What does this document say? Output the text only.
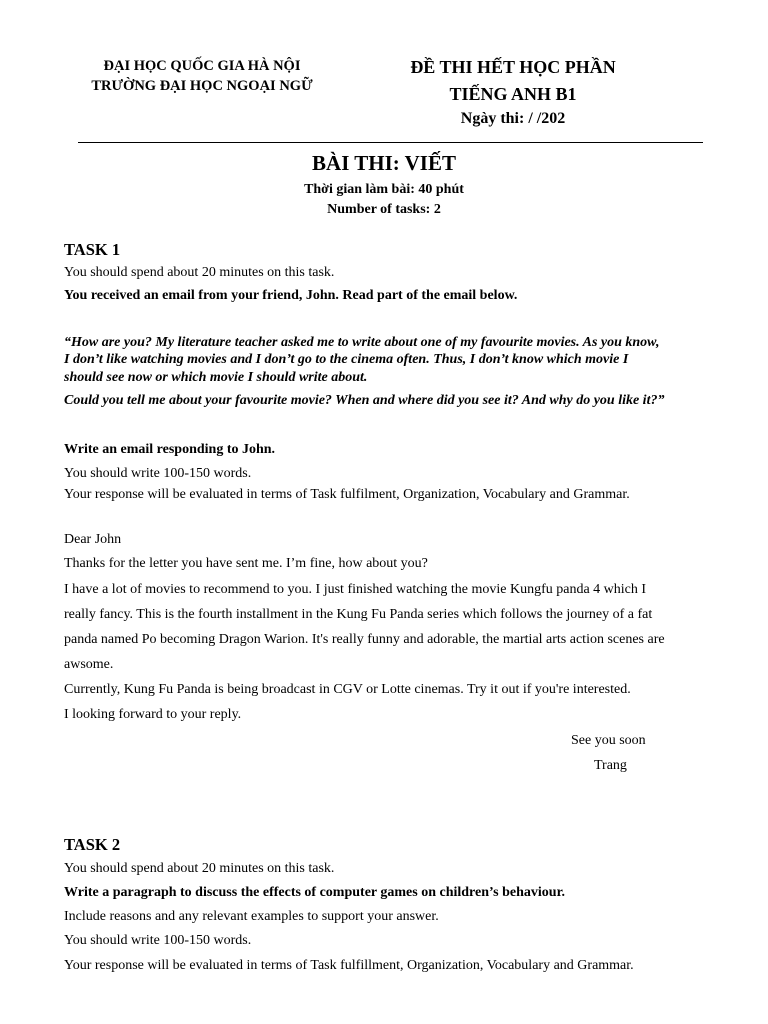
ĐẠI HỌC QUỐC GIA HÀ NỘI
TRƯỜNG ĐẠI HỌC NGOẠI NGỮ
ĐỀ THI HẾT HỌC PHẦN
TIẾNG ANH B1
Ngày thi: / /202
BÀI THI: VIẾT
Thời gian làm bài: 40 phút
Number of tasks: 2
TASK 1
You should spend about 20 minutes on this task.
You received an email from your friend, John. Read part of the email below.
“How are you? My literature teacher asked me to write about one of my favourite movies. As you know,
I don’t like watching movies and I don’t go to the cinema often. Thus, I don’t know which movie I
should see now or which movie I should write about.
Could you tell me about your favourite movie? When and where did you see it? And why do you like it?”
Write an email responding to John.
You should write 100-150 words.
Your response will be evaluated in terms of Task fulfilment, Organization, Vocabulary and Grammar.
Dear John
Thanks for the letter you have sent me. I’m fine, how about you?
I have a lot of movies to recommend to you. I just finished watching the movie Kungfu panda 4 which I
really fancy. This is the fourth installment in the Kung Fu Panda series which follows the journey of a fat
panda named Po becoming Dragon Warion. It's really funny and adorable, the martial arts action scenes are
awsome.
Currently, Kung Fu Panda is being broadcast in CGV or Lotte cinemas. Try it out if you're interested.
I looking forward to your reply.
See you soon
Trang
TASK 2
You should spend about 20 minutes on this task.
Write a paragraph to discuss the effects of computer games on children’s behaviour.
Include reasons and any relevant examples to support your answer.
You should write 100-150 words.
Your response will be evaluated in terms of Task fulfillment, Organization, Vocabulary and Grammar.
